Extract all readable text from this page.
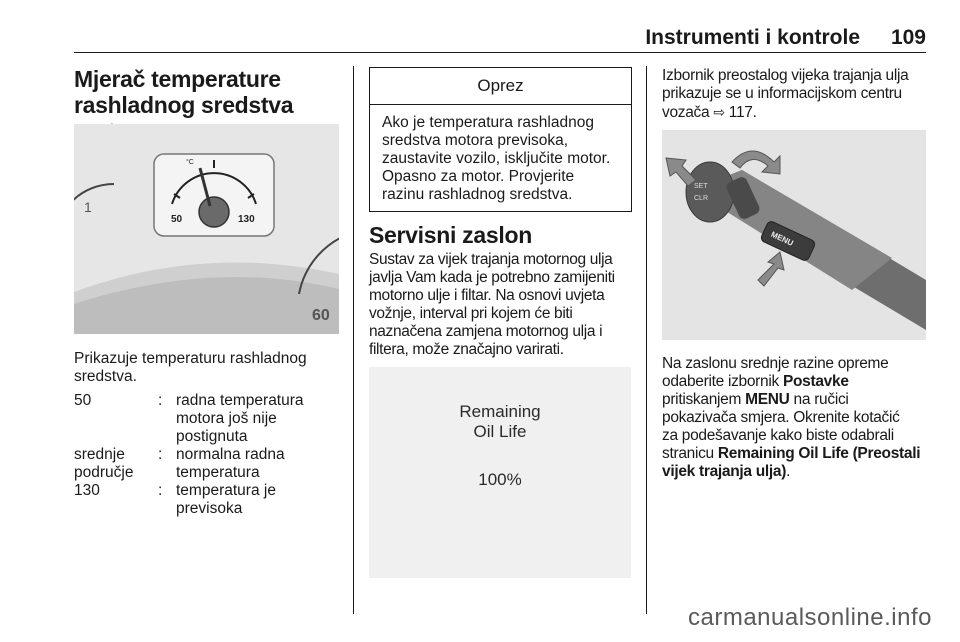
Instrumenti i kontrole	109
Mjerač temperature
rashladnog sredstva
1
°C
50	130
60

Prikazuje temperaturu rashladnog
sredstva.

50	: radna temperatura
motora još nije
postignuta
srednje
područje
: normalna radna
temperatura
130	: temperatura je
previsoka
Oprez
Ako je temperatura rashladnog
sredstva motora previsoka,
zaustavite vozilo, isključite motor.
Opasno za motor. Provjerite
razinu rashladnog sredstva.
Servisni zaslon

Sustav za vijek trajanja motornog ulja
javlja Vam kada je potrebno zamijeniti
motorno ulje i filtar. Na osnovi uvjeta
vožnje, interval pri kojem će biti
naznačena zamjena motornog ulja i
filtera, može značajno varirati.

Remaining
Oil Life
100%

Izbornik preostalog vijeka trajanja ulja
prikazuje se u informacijskom centru
vozača ⇨ 117.

SET
CLR
MENU

Na zaslonu srednje razine opreme
odaberite izbornik Postavke
pritiskanjem MENU na ručici
pokazivača smjera. Okrenite kotačić
za podešavanje kako biste odabrali
stranicu Remaining Oil Life (Preostali
vijek trajanja ulja).

carmanualsonline.info
